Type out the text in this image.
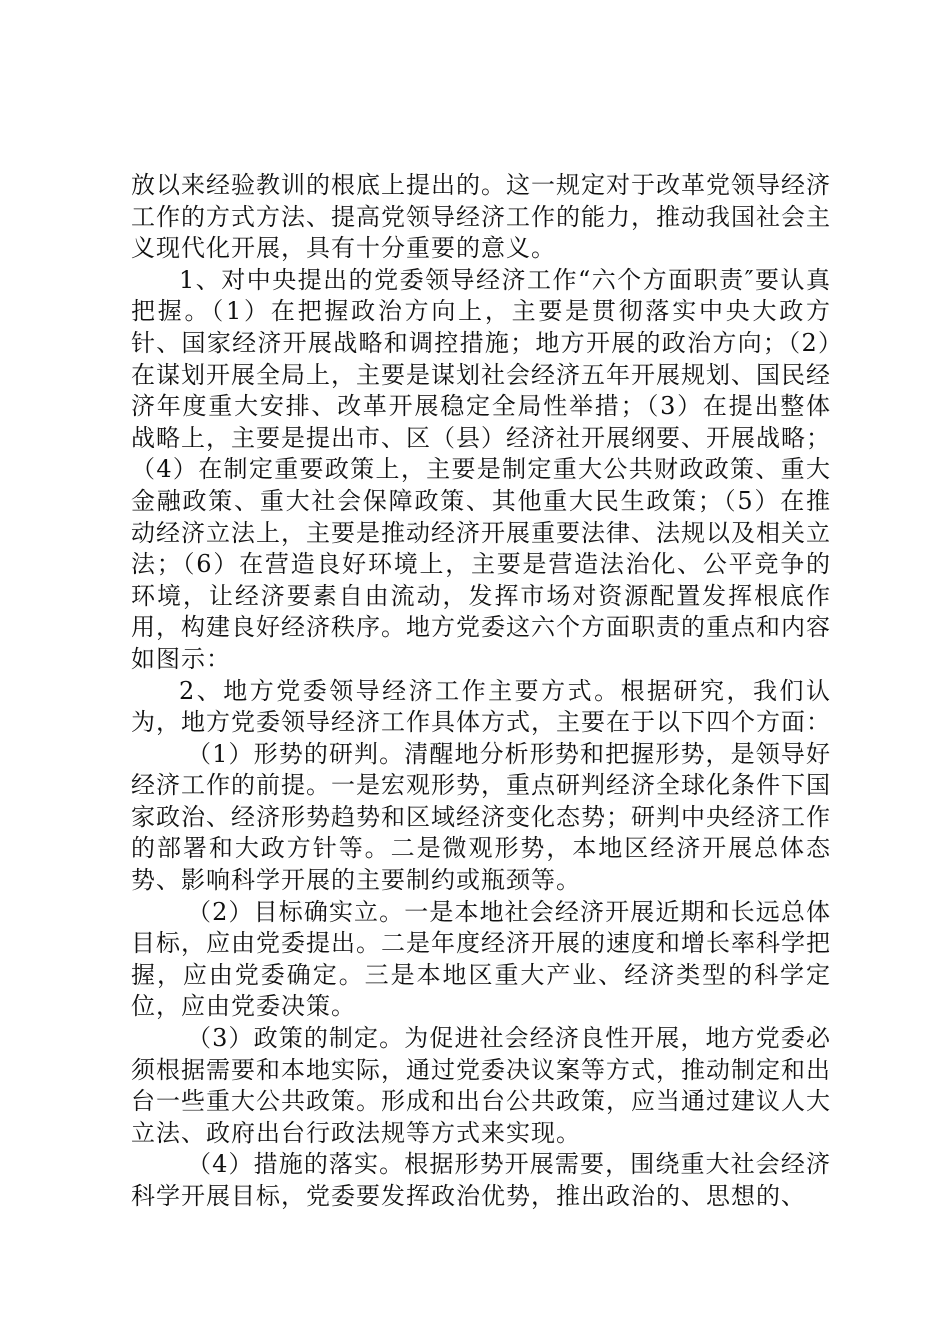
放以来经验教训的根底上提出的。这一规定对于改革党领导经济工作的方式方法、提高党领导经济工作的能力，推动我国社会主义现代化开展，具有十分重要的意义。

1、对中央提出的党委领导经济工作“六个方面职责″要认真把握。（1）在把握政治方向上，主要是贯彻落实中央大政方针、国家经济开展战略和调控措施；地方开展的政治方向；（2）在谋划开展全局上，主要是谋划社会经济五年开展规划、国民经济年度重大安排、改革开展稳定全局性举措；（3）在提出整体战略上，主要是提出市、区（县）经济社开展纲要、开展战略；（4）在制定重要政策上，主要是制定重大公共财政政策、重大金融政策、重大社会保障政策、其他重大民生政策；（5）在推动经济立法上，主要是推动经济开展重要法律、法规以及相关立法；（6）在营造良好环境上，主要是营造法治化、公平竞争的环境，让经济要素自由流动，发挥市场对资源配置发挥根底作用，构建良好经济秩序。地方党委这六个方面职责的重点和内容如图示：

2、地方党委领导经济工作主要方式。根据研究，我们认为，地方党委领导经济工作具体方式，主要在于以下四个方面：

（1）形势的研判。清醒地分析形势和把握形势，是领导好经济工作的前提。一是宏观形势，重点研判经济全球化条件下国家政治、经济形势趋势和区域经济变化态势；研判中央经济工作的部署和大政方针等。二是微观形势，本地区经济开展总体态势、影响科学开展的主要制约或瓶颈等。

（2）目标确实立。一是本地社会经济开展近期和长远总体目标，应由党委提出。二是年度经济开展的速度和增长率科学把握，应由党委确定。三是本地区重大产业、经济类型的科学定位，应由党委决策。

（3）政策的制定。为促进社会经济良性开展，地方党委必须根据需要和本地实际，通过党委决议案等方式，推动制定和出台一些重大公共政策。形成和出台公共政策，应当通过建议人大立法、政府出台行政法规等方式来实现。

（4）措施的落实。根据形势开展需要，围绕重大社会经济科学开展目标，党委要发挥政治优势，推出政治的、思想的、
